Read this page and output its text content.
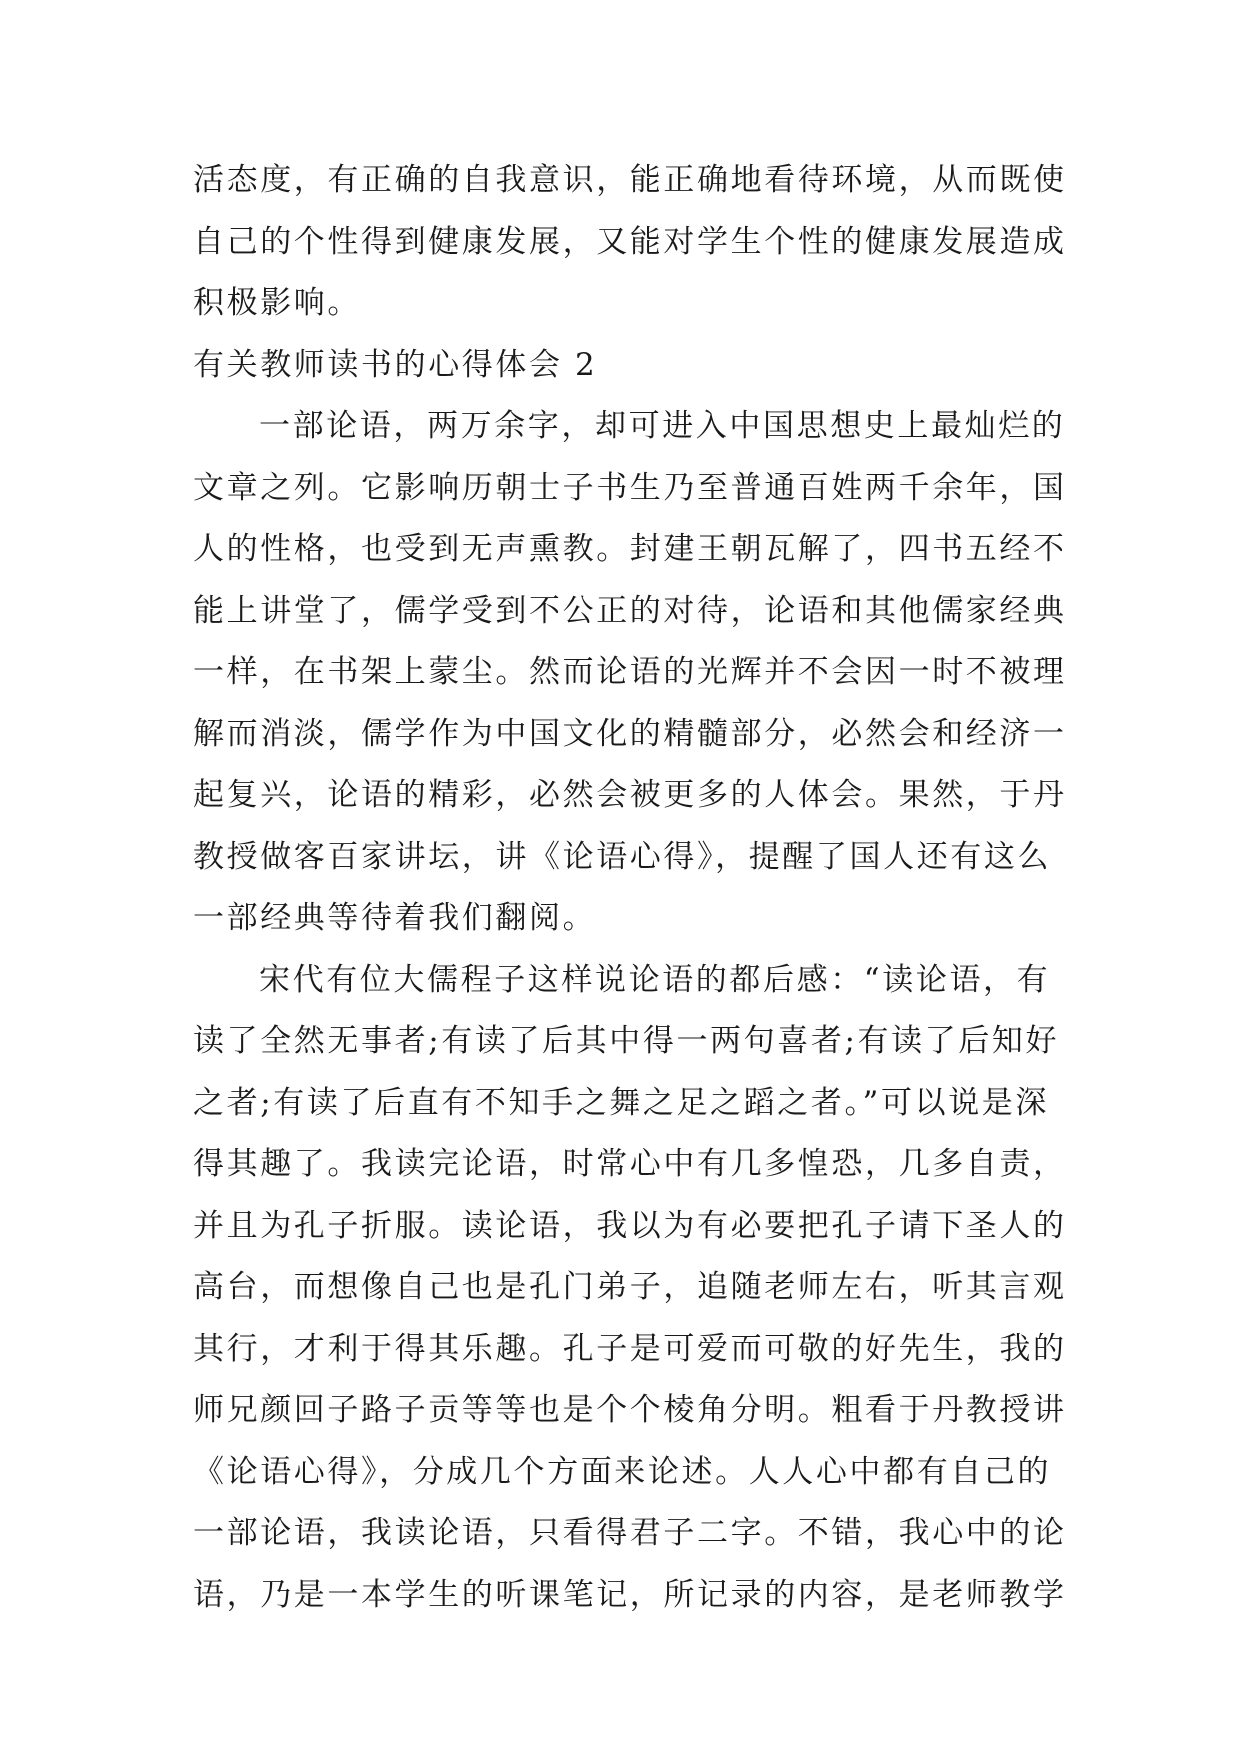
活态度，有正确的自我意识，能正确地看待环境，从而既使
自己的个性得到健康发展，又能对学生个性的健康发展造成
积极影响。
有关教师读书的心得体会 2
一部论语，两万余字，却可进入中国思想史上最灿烂的
文章之列。它影响历朝士子书生乃至普通百姓两千余年，国
人的性格，也受到无声熏教。封建王朝瓦解了，四书五经不
能上讲堂了，儒学受到不公正的对待，论语和其他儒家经典
一样，在书架上蒙尘。然而论语的光辉并不会因一时不被理
解而消淡，儒学作为中国文化的精髓部分，必然会和经济一
起复兴，论语的精彩，必然会被更多的人体会。果然，于丹
教授做客百家讲坛，讲《论语心得》，提醒了国人还有这么
一部经典等待着我们翻阅。
宋代有位大儒程子这样说论语的都后感：“读论语，有
读了全然无事者;有读了后其中得一两句喜者;有读了后知好
之者;有读了后直有不知手之舞之足之蹈之者。”可以说是深
得其趣了。我读完论语，时常心中有几多惶恐，几多自责，
并且为孔子折服。读论语，我以为有必要把孔子请下圣人的
高台，而想像自己也是孔门弟子，追随老师左右，听其言观
其行，才利于得其乐趣。孔子是可爱而可敬的好先生，我的
师兄颜回子路子贡等等也是个个棱角分明。粗看于丹教授讲
《论语心得》，分成几个方面来论述。人人心中都有自己的
一部论语，我读论语，只看得君子二字。不错，我心中的论
语，乃是一本学生的听课笔记，所记录的内容，是老师教学
